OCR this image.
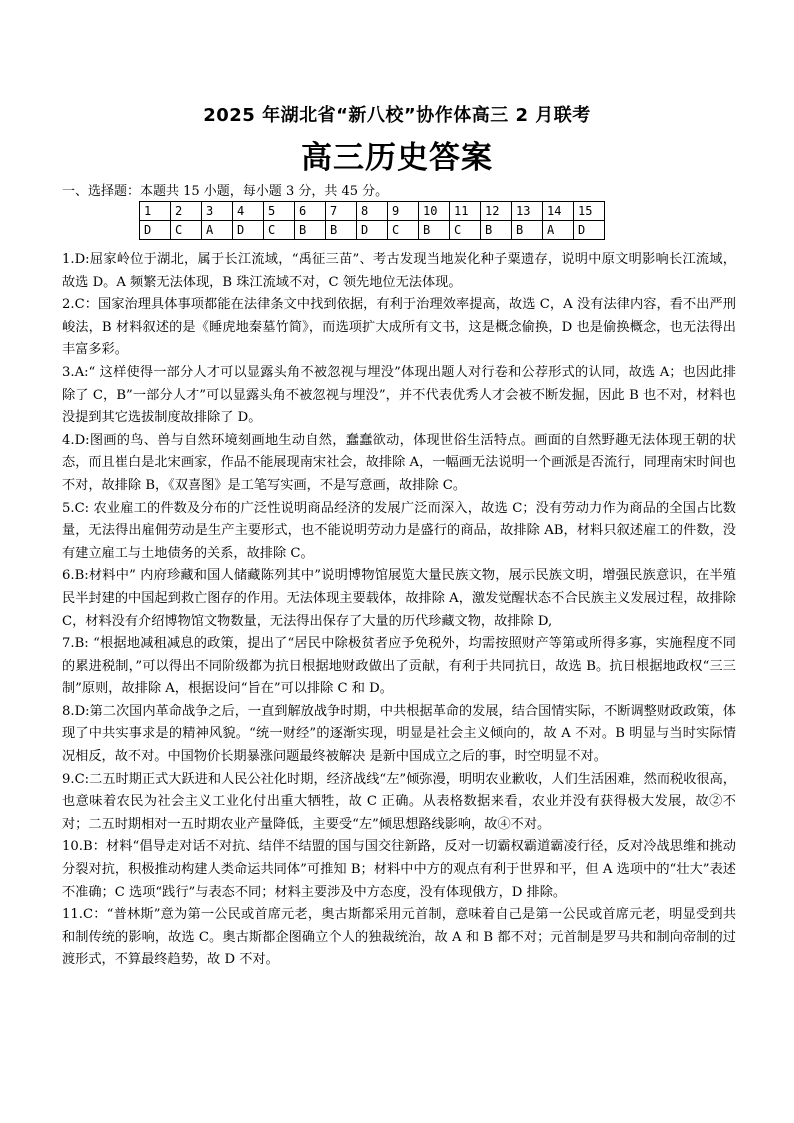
2025 年湖北省“新八校”协作体高三 2 月联考
高三历史答案

一、选择题：本题共 15 小题，每小题 3 分，共 45 分。

1	2	3	4	5	6	7	8	9	10	11	12	13	14	15
D	C	A	D	C	B	B	D	C	B	C	B	B	A	D

1.D:屈家岭位于湖北，属于长江流域，“禹征三苗”、考古发现当地炭化种子粟遗存，说明中原文明影响长江流域，故选 D。A 频繁无法体现，B 珠江流域不对，C 领先地位无法体现。

2.C：国家治理具体事项都能在法律条文中找到依据，有利于治理效率提高，故选 C，A 没有法律内容，看不出严刑峻法，B 材料叙述的是《睡虎地秦墓竹简》，而选项扩大成所有文书，这是概念偷换，D 也是偷换概念，也无法得出丰富多彩。

3.A:“ 这样使得一部分人才可以显露头角不被忽视与埋没”体现出题人对行卷和公荐形式的认同，故选 A；也因此排除了 C，B”一部分人才”可以显露头角不被忽视与埋没”，并不代表优秀人才会被不断发掘，因此 B 也不对，材料也没提到其它选拔制度故排除了 D。

4.D:图画的鸟、兽与自然环境刻画地生动自然，蠢蠢欲动，体现世俗生活特点。画面的自然野趣无法体现王朝的状态，而且崔白是北宋画家，作品不能展现南宋社会，故排除 A，一幅画无法说明一个画派是否流行，同理南宋时间也不对，故排除 B，《双喜图》是工笔写实画，不是写意画，故排除 C。

5.C: 农业雇工的件数及分布的广泛性说明商品经济的发展广泛而深入，故选 C；没有劳动力作为商品的全国占比数量，无法得出雇佣劳动是生产主要形式，也不能说明劳动力是盛行的商品，故排除 AB，材料只叙述雇工的件数，没有建立雇工与土地债务的关系，故排除 C。

6.B:材料中” 内府珍藏和国人储藏陈列其中”说明博物馆展览大量民族文物，展示民族文明，增强民族意识，在半殖民半封建的中国起到救亡图存的作用。无法体现主要载体，故排除 A，激发觉醒状态不合民族主义发展过程，故排除 C，材料没有介绍博物馆文物数量，无法得出保存了大量的历代珍藏文物，故排除 D,

7.B: “根据地减租减息的政策，提出了“居民中除极贫者应予免税外，均需按照财产等第或所得多寡，实施程度不同的累进税制，”可以得出不同阶级都为抗日根据地财政做出了贡献，有利于共同抗日，故选 B。抗日根据地政权“三三制”原则，故排除 A，根据设问“旨在”可以排除 C 和 D。

8.D:第二次国内革命战争之后，一直到解放战争时期，中共根据革命的发展，结合国情实际，不断调整财政政策，体现了中共实事求是的精神风貌。“统一财经”的逐渐实现，明显是社会主义倾向的，故 A 不对。B 明显与当时实际情况相反，故不对。中国物价长期暴涨问题最终被解决 是新中国成立之后的事，时空明显不对。

9.C:二五时期正式大跃进和人民公社化时期，经济战线“左”倾弥漫，明明农业歉收，人们生活困难，然而税收很高，也意味着农民为社会主义工业化付出重大牺牲，故 C 正确。从表格数据来看，农业并没有获得极大发展，故②不对；二五时期相对一五时期农业产量降低，主要受“左”倾思想路线影响，故④不对。

10.B：材料“倡导走对话不对抗、结伴不结盟的国与国交往新路，反对一切霸权霸道霸凌行径，反对冷战思维和挑动分裂对抗，积极推动构建人类命运共同体”可推知 B；材料中中方的观点有利于世界和平，但 A 选项中的“壮大”表述不准确；C 选项“践行”与表态不同；材料主要涉及中方态度，没有体现俄方，D 排除。

11.C：“普林斯”意为第一公民或首席元老，奥古斯都采用元首制，意味着自己是第一公民或首席元老，明显受到共和制传统的影响，故选 C。奥古斯都企图确立个人的独裁统治，故 A 和 B 都不对；元首制是罗马共和制向帝制的过渡形式，不算最终趋势，故 D 不对。
